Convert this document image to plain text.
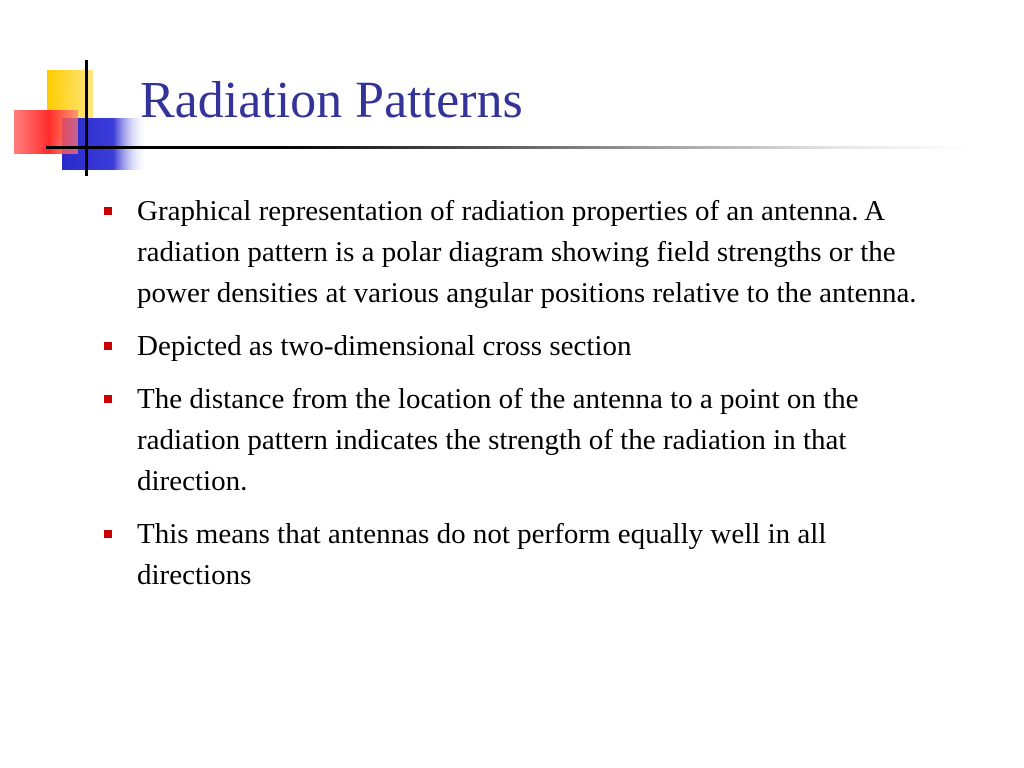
Radiation Patterns
Graphical representation of radiation properties of an antenna. A radiation pattern is a polar diagram showing field strengths or the power densities at various angular positions relative to the antenna.
Depicted as two-dimensional cross section
The distance from the location of the antenna to a point on the radiation pattern indicates the strength of the radiation in that direction.
This means that antennas do not perform equally well in all directions
